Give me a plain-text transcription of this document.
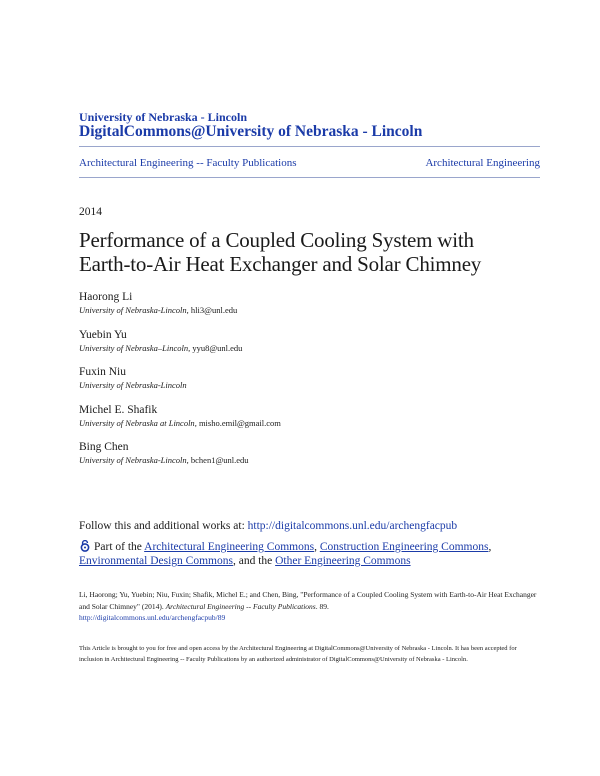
University of Nebraska - Lincoln
DigitalCommons@University of Nebraska - Lincoln
Architectural Engineering -- Faculty Publications	Architectural Engineering
2014
Performance of a Coupled Cooling System with
Earth-to-Air Heat Exchanger and Solar Chimney
Haorong Li
University of Nebraska-Lincoln, hli3@unl.edu
Yuebin Yu
University of Nebraska–Lincoln, yyu8@unl.edu
Fuxin Niu
University of Nebraska-Lincoln
Michel E. Shafik
University of Nebraska at Lincoln, misho.emil@gmail.com
Bing Chen
University of Nebraska-Lincoln, bchen1@unl.edu
Follow this and additional works at: http://digitalcommons.unl.edu/archengfacpub
Part of the Architectural Engineering Commons, Construction Engineering Commons,
Environmental Design Commons, and the Other Engineering Commons
Li, Haorong; Yu, Yuebin; Niu, Fuxin; Shafik, Michel E.; and Chen, Bing, "Performance of a Coupled Cooling System with Earth-to-Air Heat Exchanger and Solar Chimney" (2014). Architectural Engineering -- Faculty Publications. 89.
http://digitalcommons.unl.edu/archengfacpub/89
This Article is brought to you for free and open access by the Architectural Engineering at DigitalCommons@University of Nebraska - Lincoln. It has been accepted for inclusion in Architectural Engineering -- Faculty Publications by an authorized administrator of DigitalCommons@University of Nebraska - Lincoln.
